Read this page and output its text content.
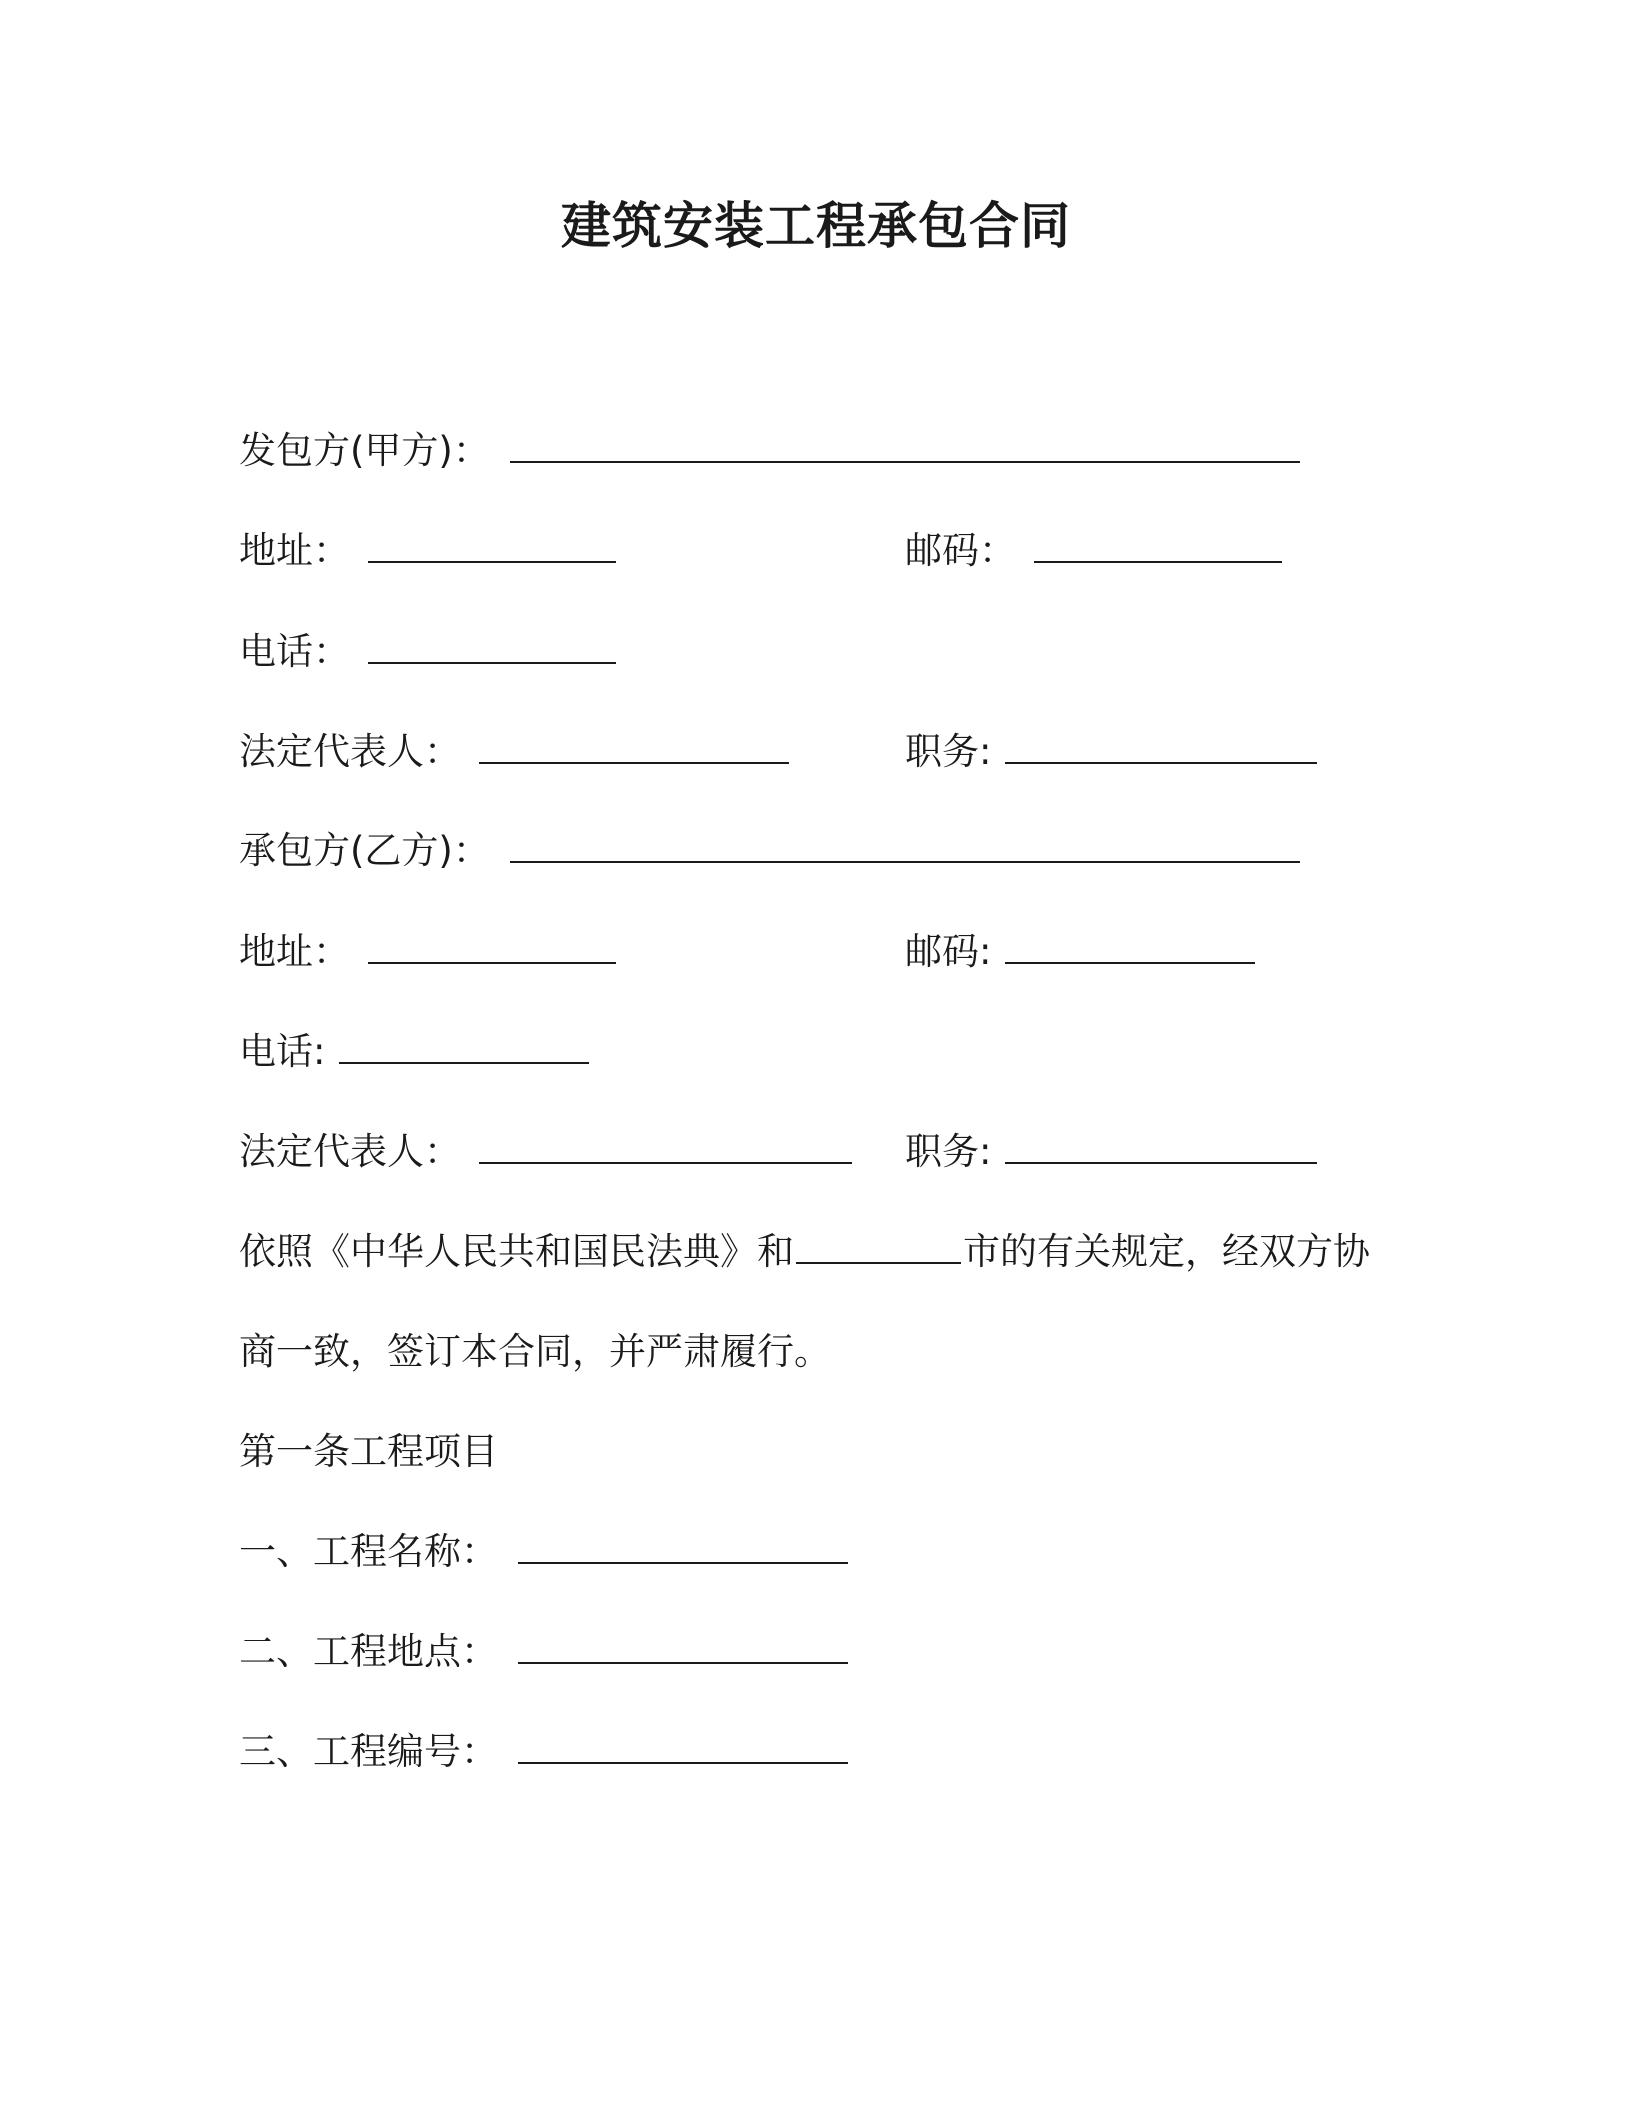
建筑安装工程承包合同
发包方(甲方)：
地址：	邮码：
电话：
法定代表人：	职务:
承包方(乙方)：
地址：	邮码:
电话:
法定代表人：	职务:
依照《中华人民共和国民法典》和	市的有关规定，经双方协
商一致，签订本合同，并严肃履行。
第一条工程项目
一、工程名称：
二、工程地点：
三、工程编号：
